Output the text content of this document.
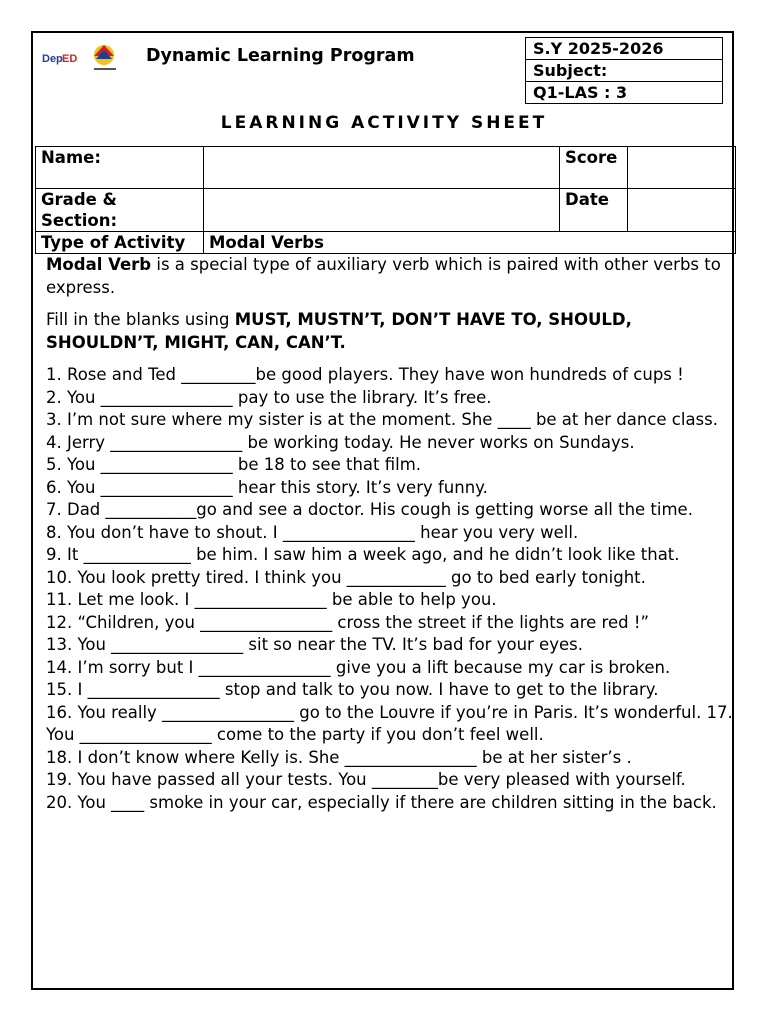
Dep ED	Dynamic Learning Program	S.Y 2025-2026
Subject:
Q1-LAS : 3
LEARNING ACTIVITY SHEET
Name:		Score	
Grade & Section:		Date	
Type of Activity	Modal Verbs		

Modal Verb is a special type of auxiliary verb which is paired with other verbs to express.

Fill in the blanks using MUST, MUSTN’T, DON’T HAVE TO, SHOULD, SHOULDN’T, MIGHT, CAN, CAN’T.

1. Rose and Ted _________be good players. They have won hundreds of cups !
2. You ________________ pay to use the library. It’s free.
3. I’m not sure where my sister is at the moment. She ____ be at her dance class.
4. Jerry ________________ be working today. He never works on Sundays.
5. You ________________ be 18 to see that film.
6. You ________________ hear this story. It’s very funny.
7. Dad ___________go and see a doctor. His cough is getting worse all the time.
8. You don’t have to shout. I ________________ hear you very well.
9. It _____________ be him. I saw him a week ago, and he didn’t look like that.
10. You look pretty tired. I think you ____________ go to bed early tonight.
11. Let me look. I ________________ be able to help you.
12. “Children, you ________________ cross the street if the lights are red !”
13. You ________________ sit so near the TV. It’s bad for your eyes.
14. I’m sorry but I ________________ give you a lift because my car is broken.
15. I ________________ stop and talk to you now. I have to get to the library.
16. You really ________________ go to the Louvre if you’re in Paris. It’s wonderful. 17. You ________________ come to the party if you don’t feel well.
18. I don’t know where Kelly is. She ________________ be at her sister’s .
19. You have passed all your tests. You ________be very pleased with yourself.
20. You ____ smoke in your car, especially if there are children sitting in the back.
